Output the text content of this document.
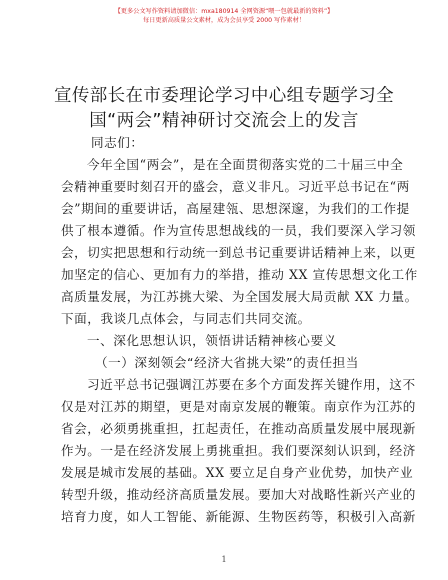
【更多公文写作资料请加微信：mxa180914 全网资源“喂一包就最新的资料”】
每日更新高质量公文素材，成为会员享受 2000 写作素材！
宣传部长在市委理论学习中心组专题学习全国“两会”精神研讨交流会上的发言
同志们：
今年全国“两会”，是在全面贯彻落实党的二十届三中全
会精神重要时刻召开的盛会，意义非凡。习近平总书记在“两
会”期间的重要讲话，高屋建瓴、思想深邃，为我们的工作提
供了根本遵循。作为宣传思想战线的一员，我们要深入学习领
会，切实把思想和行动统一到总书记重要讲话精神上来，以更
加坚定的信心、更加有力的举措，推动 XX 宣传思想文化工作
高质量发展，为江苏挑大梁、为全国发展大局贡献 XX 力量。
下面，我谈几点体会，与同志们共同交流。
一、深化思想认识，领悟讲话精神核心要义
（一）深刻领会“经济大省挑大梁”的责任担当
习近平总书记强调江苏要在多个方面发挥关键作用，这不
仅是对江苏的期望，更是对南京发展的鞭策。南京作为江苏的
省会，必须勇挑重担，扛起责任，在推动高质量发展中展现新
作为。一是在经济发展上勇挑重担。我们要深刻认识到，经济
发展是城市发展的基础。XX 要立足自身产业优势，加快产业
转型升级，推动经济高质量发展。要加大对战略性新兴产业的
培育力度，如人工智能、新能源、生物医药等，积极引入高新
1
